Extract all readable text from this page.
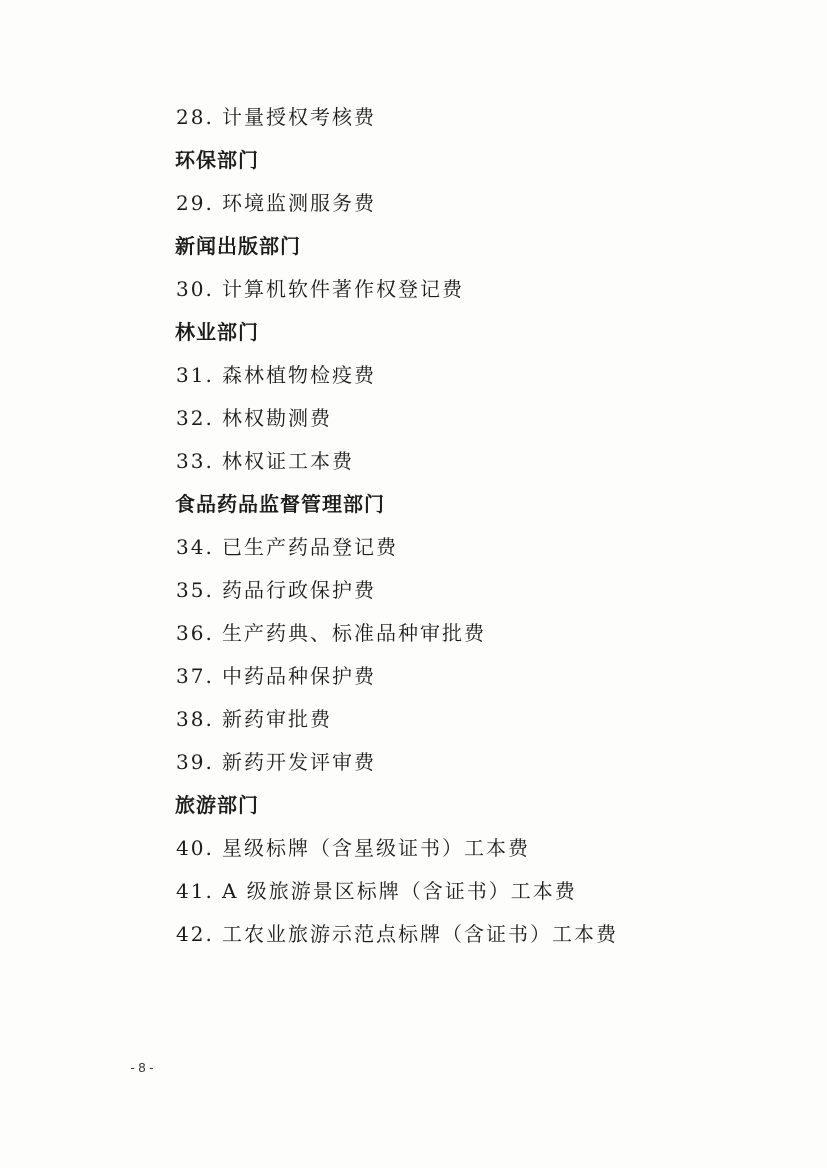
28. 计量授权考核费
环保部门
29. 环境监测服务费
新闻出版部门
30. 计算机软件著作权登记费
林业部门
31. 森林植物检疫费
32. 林权勘测费
33. 林权证工本费
食品药品监督管理部门
34. 已生产药品登记费
35. 药品行政保护费
36. 生产药典、标准品种审批费
37. 中药品种保护费
38. 新药审批费
39. 新药开发评审费
旅游部门
40. 星级标牌（含星级证书）工本费
41. A 级旅游景区标牌（含证书）工本费
42. 工农业旅游示范点标牌（含证书）工本费
- 8 -
